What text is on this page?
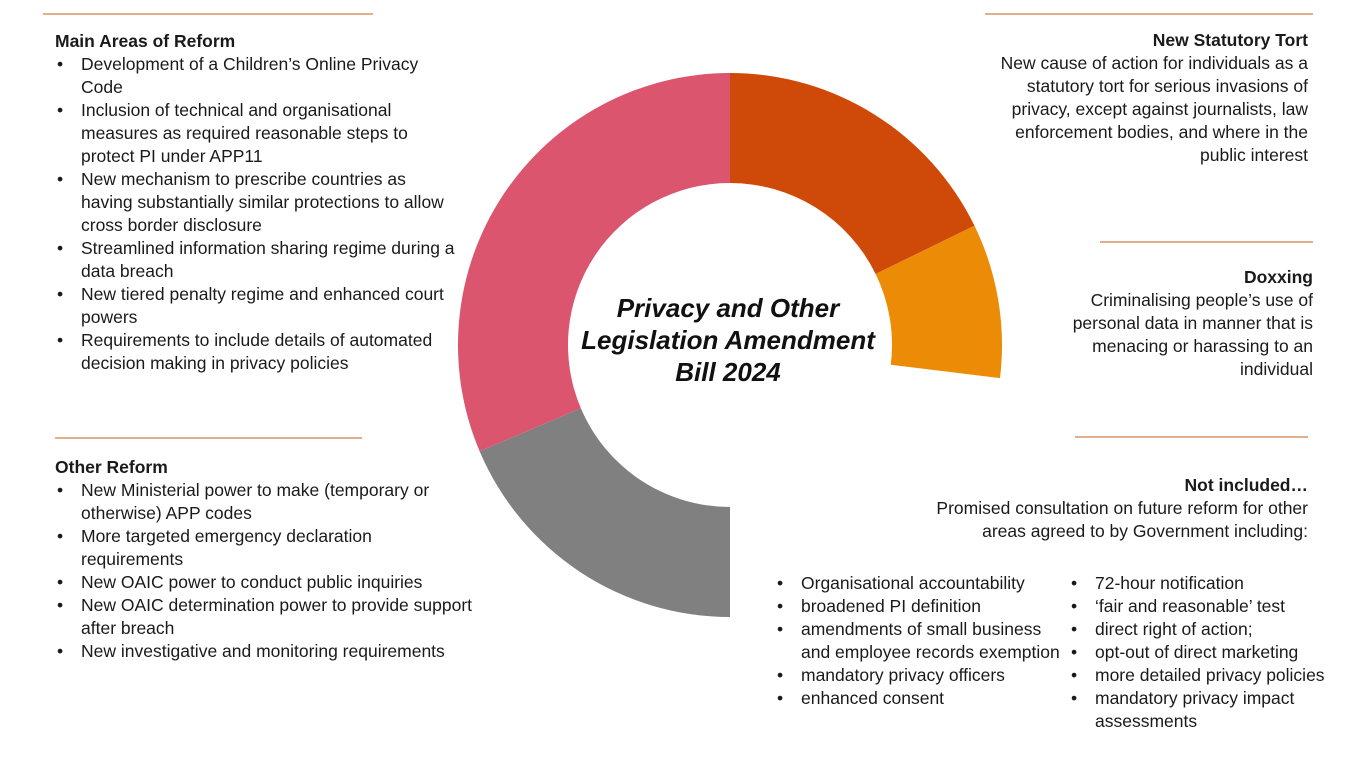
Privacy and Other Legislation Amendment Bill 2024

Main Areas of Reform

• Development of a Children’s Online Privacy Code
• Inclusion of technical and organisational measures as required reasonable steps to protect PI under APP11
• New mechanism to prescribe countries as having substantially similar protections to allow cross border disclosure
• Streamlined information sharing regime during a data breach
• New tiered penalty regime and enhanced court powers
• Requirements to include details of automated decision making in privacy policies

Other Reform

• New Ministerial power to make (temporary or otherwise) APP codes
• More targeted emergency declaration requirements
• New OAIC power to conduct public inquiries
• New OAIC determination power to provide support after breach
• New investigative and monitoring requirements

New Statutory Tort

New cause of action for individuals as a statutory tort for serious invasions of privacy, except against journalists, law enforcement bodies, and where in the public interest

Doxxing

Criminalising people’s use of personal data in manner that is menacing or harassing to an individual

Not included…

Promised consultation on future reform for other areas agreed to by Government including:
• Organisational accountability
• broadened PI definition
• amendments of small business and employee records exemption
• mandatory privacy officers
• enhanced consent
• 72-hour notification
• ‘fair and reasonable’ test
• direct right of action;
• opt-out of direct marketing
• more detailed privacy policies
• mandatory privacy impact assessments
